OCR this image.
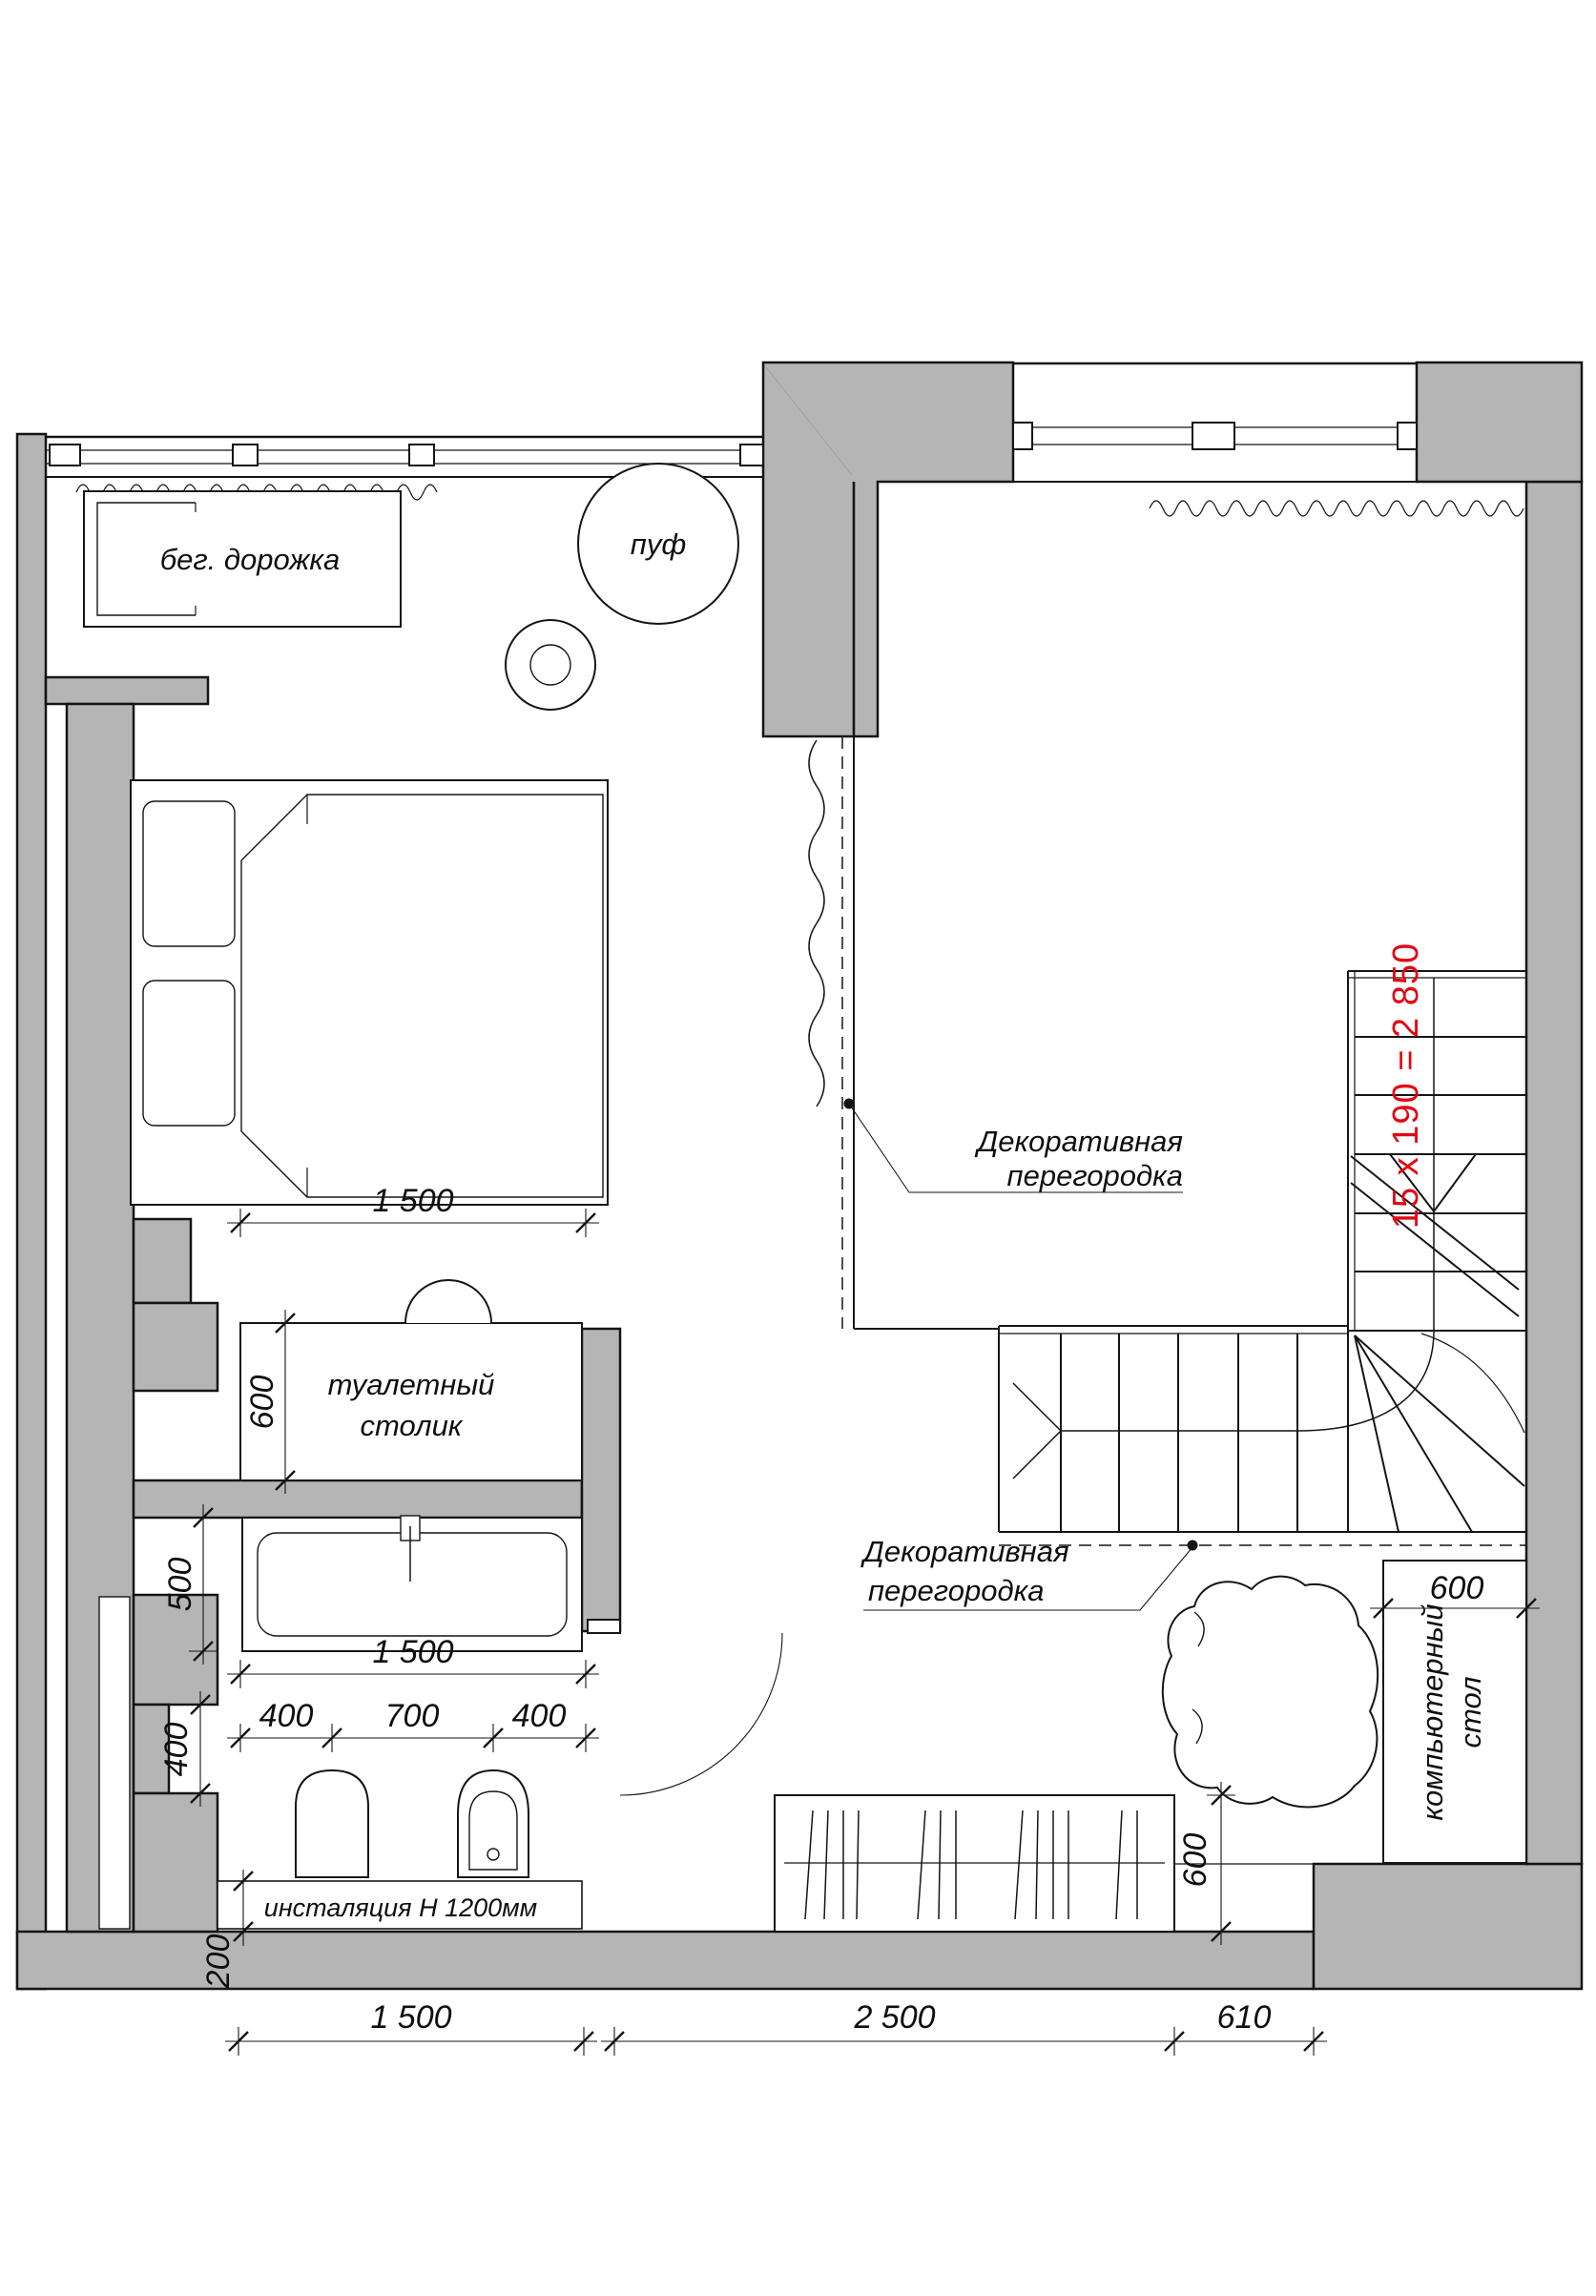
Декоративная
перегородка
Декоративная
перегородка
бег. дорожка	пуф
туалетный
столик
инсталяция H 1200мм
компьютерный стол
15 x 190 = 2 850
1 500
600
500
1 500
400 700 400
400
200
1 500	2 500	610
600
600
